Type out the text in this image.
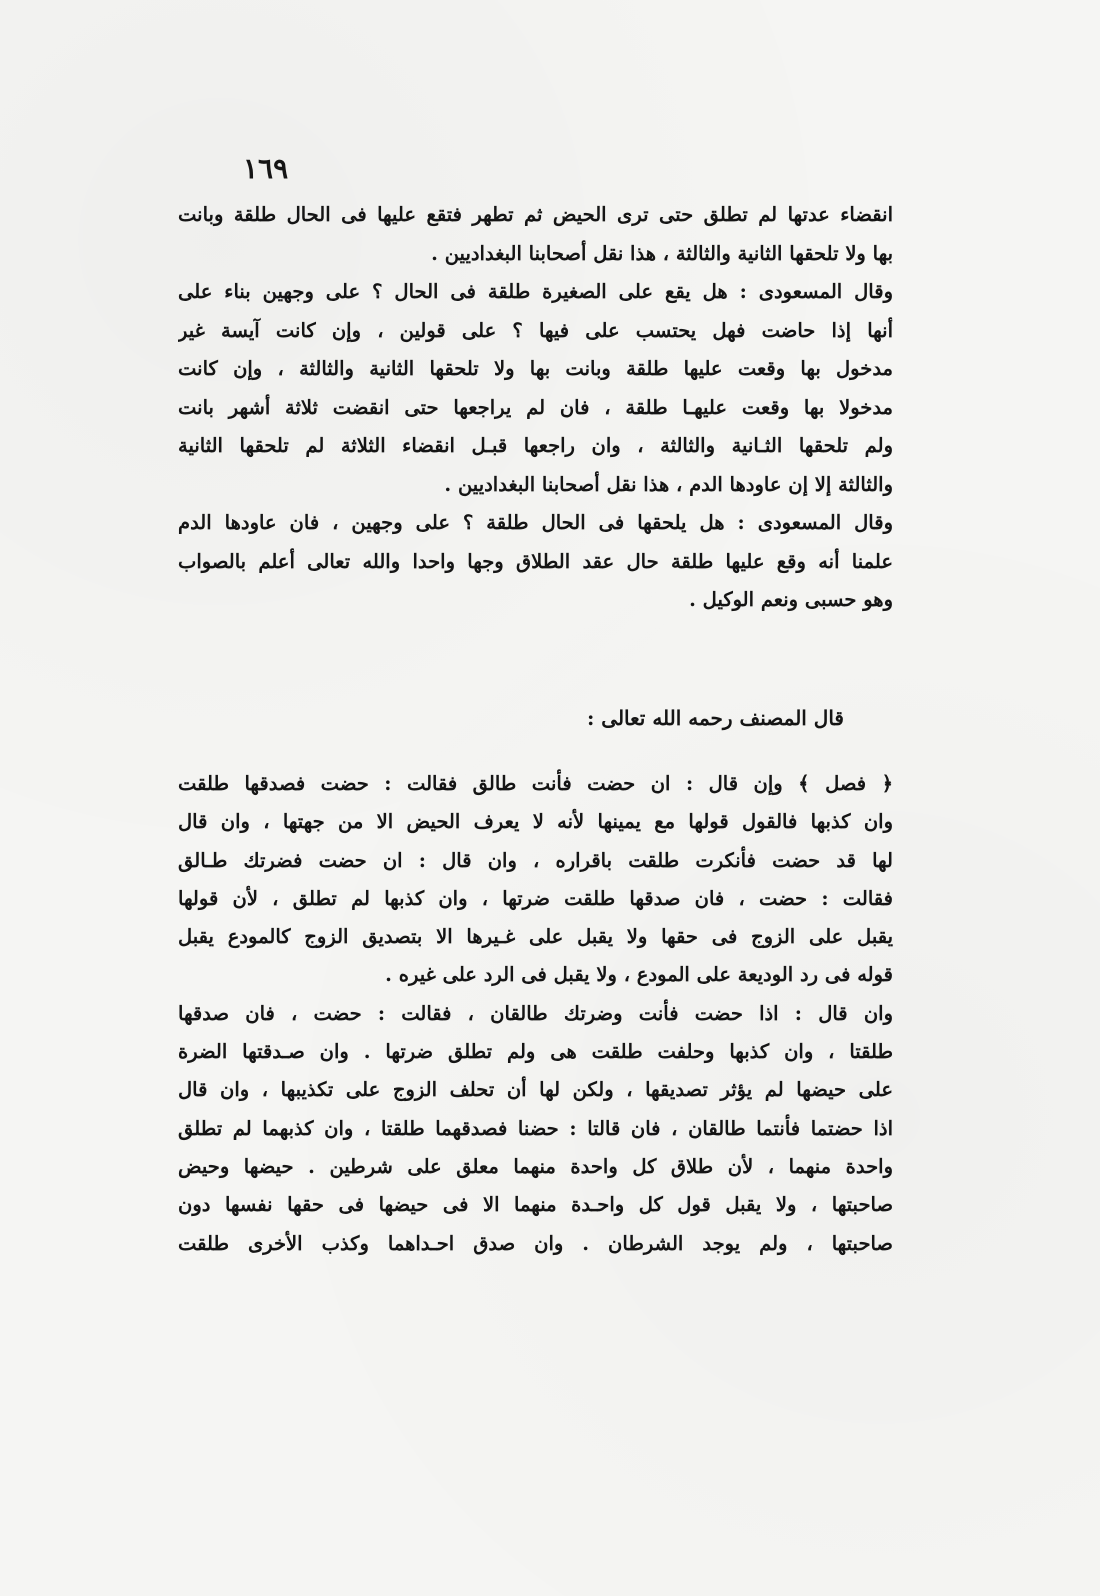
١٦٩
انقضاء عدتها لم تطلق حتى ترى الحيض ثم تطهر فتقع عليها فى الحال طلقة وبانت
بها ولا تلحقها الثانية والثالثة ، هذا نقل أصحابنا البغداديين .
وقال المسعودى : هل يقع على الصغيرة طلقة فى الحال ؟ على وجهين بناء على
أنها إذا حاضت فهل يحتسب على فيها ؟ على قولين ، وإن كانت آيسة غير
مدخول بها وقعت عليها طلقة وبانت بها ولا تلحقها الثانية والثالثة ، وإن كانت
مدخولا بها وقعت عليهـا طلقة ، فان لم يراجعها حتى انقضت ثلاثة أشهر بانت
ولم تلحقها الثـانية والثالثة ، وان راجعها قبـل انقضاء الثلاثة لم تلحقها الثانية
والثالثة إلا إن عاودها الدم ، هذا نقل أصحابنا البغداديين .
وقال المسعودى : هل يلحقها فى الحال طلقة ؟ على وجهين ، فان عاودها الدم
علمنا أنه وقع عليها طلقة حال عقد الطلاق وجها واحدا والله تعالى أعلم بالصواب
وهو حسبى ونعم الوكيل .
قال المصنف رحمه الله تعالى :
﴿ فصل ﴾ وإن قال : ان حضت فأنت طالق فقالت : حضت فصدقها طلقت
وان كذبها فالقول قولها مع يمينها لأنه لا يعرف الحيض الا من جهتها ، وان قال
لها قد حضت فأنكرت طلقت باقراره ، وان قال : ان حضت فضرتك طـالق
فقالت : حضت ، فان صدقها طلقت ضرتها ، وان كذبها لم تطلق ، لأن قولها
يقبل على الزوج فى حقها ولا يقبل على غـيرها الا بتصديق الزوج كالمودع يقبل
قوله فى رد الوديعة على المودع ، ولا يقبل فى الرد على غيره .
وان قال : اذا حضت فأنت وضرتك طالقان ، فقالت : حضت ، فان صدقها
طلقتا ، وان كذبها وحلفت طلقت هى ولم تطلق ضرتها . وان صـدقتها الضرة
على حيضها لم يؤثر تصديقها ، ولكن لها أن تحلف الزوج على تكذيبها ، وان قال
اذا حضتما فأنتما طالقان ، فان قالتا : حضنا فصدقهما طلقتا ، وان كذبهما لم تطلق
واحدة منهما ، لأن طلاق كل واحدة منهما معلق على شرطين . حيضها وحيض
صاحبتها ، ولا يقبل قول كل واحـدة منهما الا فى حيضها فى حقها نفسها دون
صاحبتها ، ولم يوجد الشرطان . وان صدق احـداهما وكذب الأخرى طلقت
